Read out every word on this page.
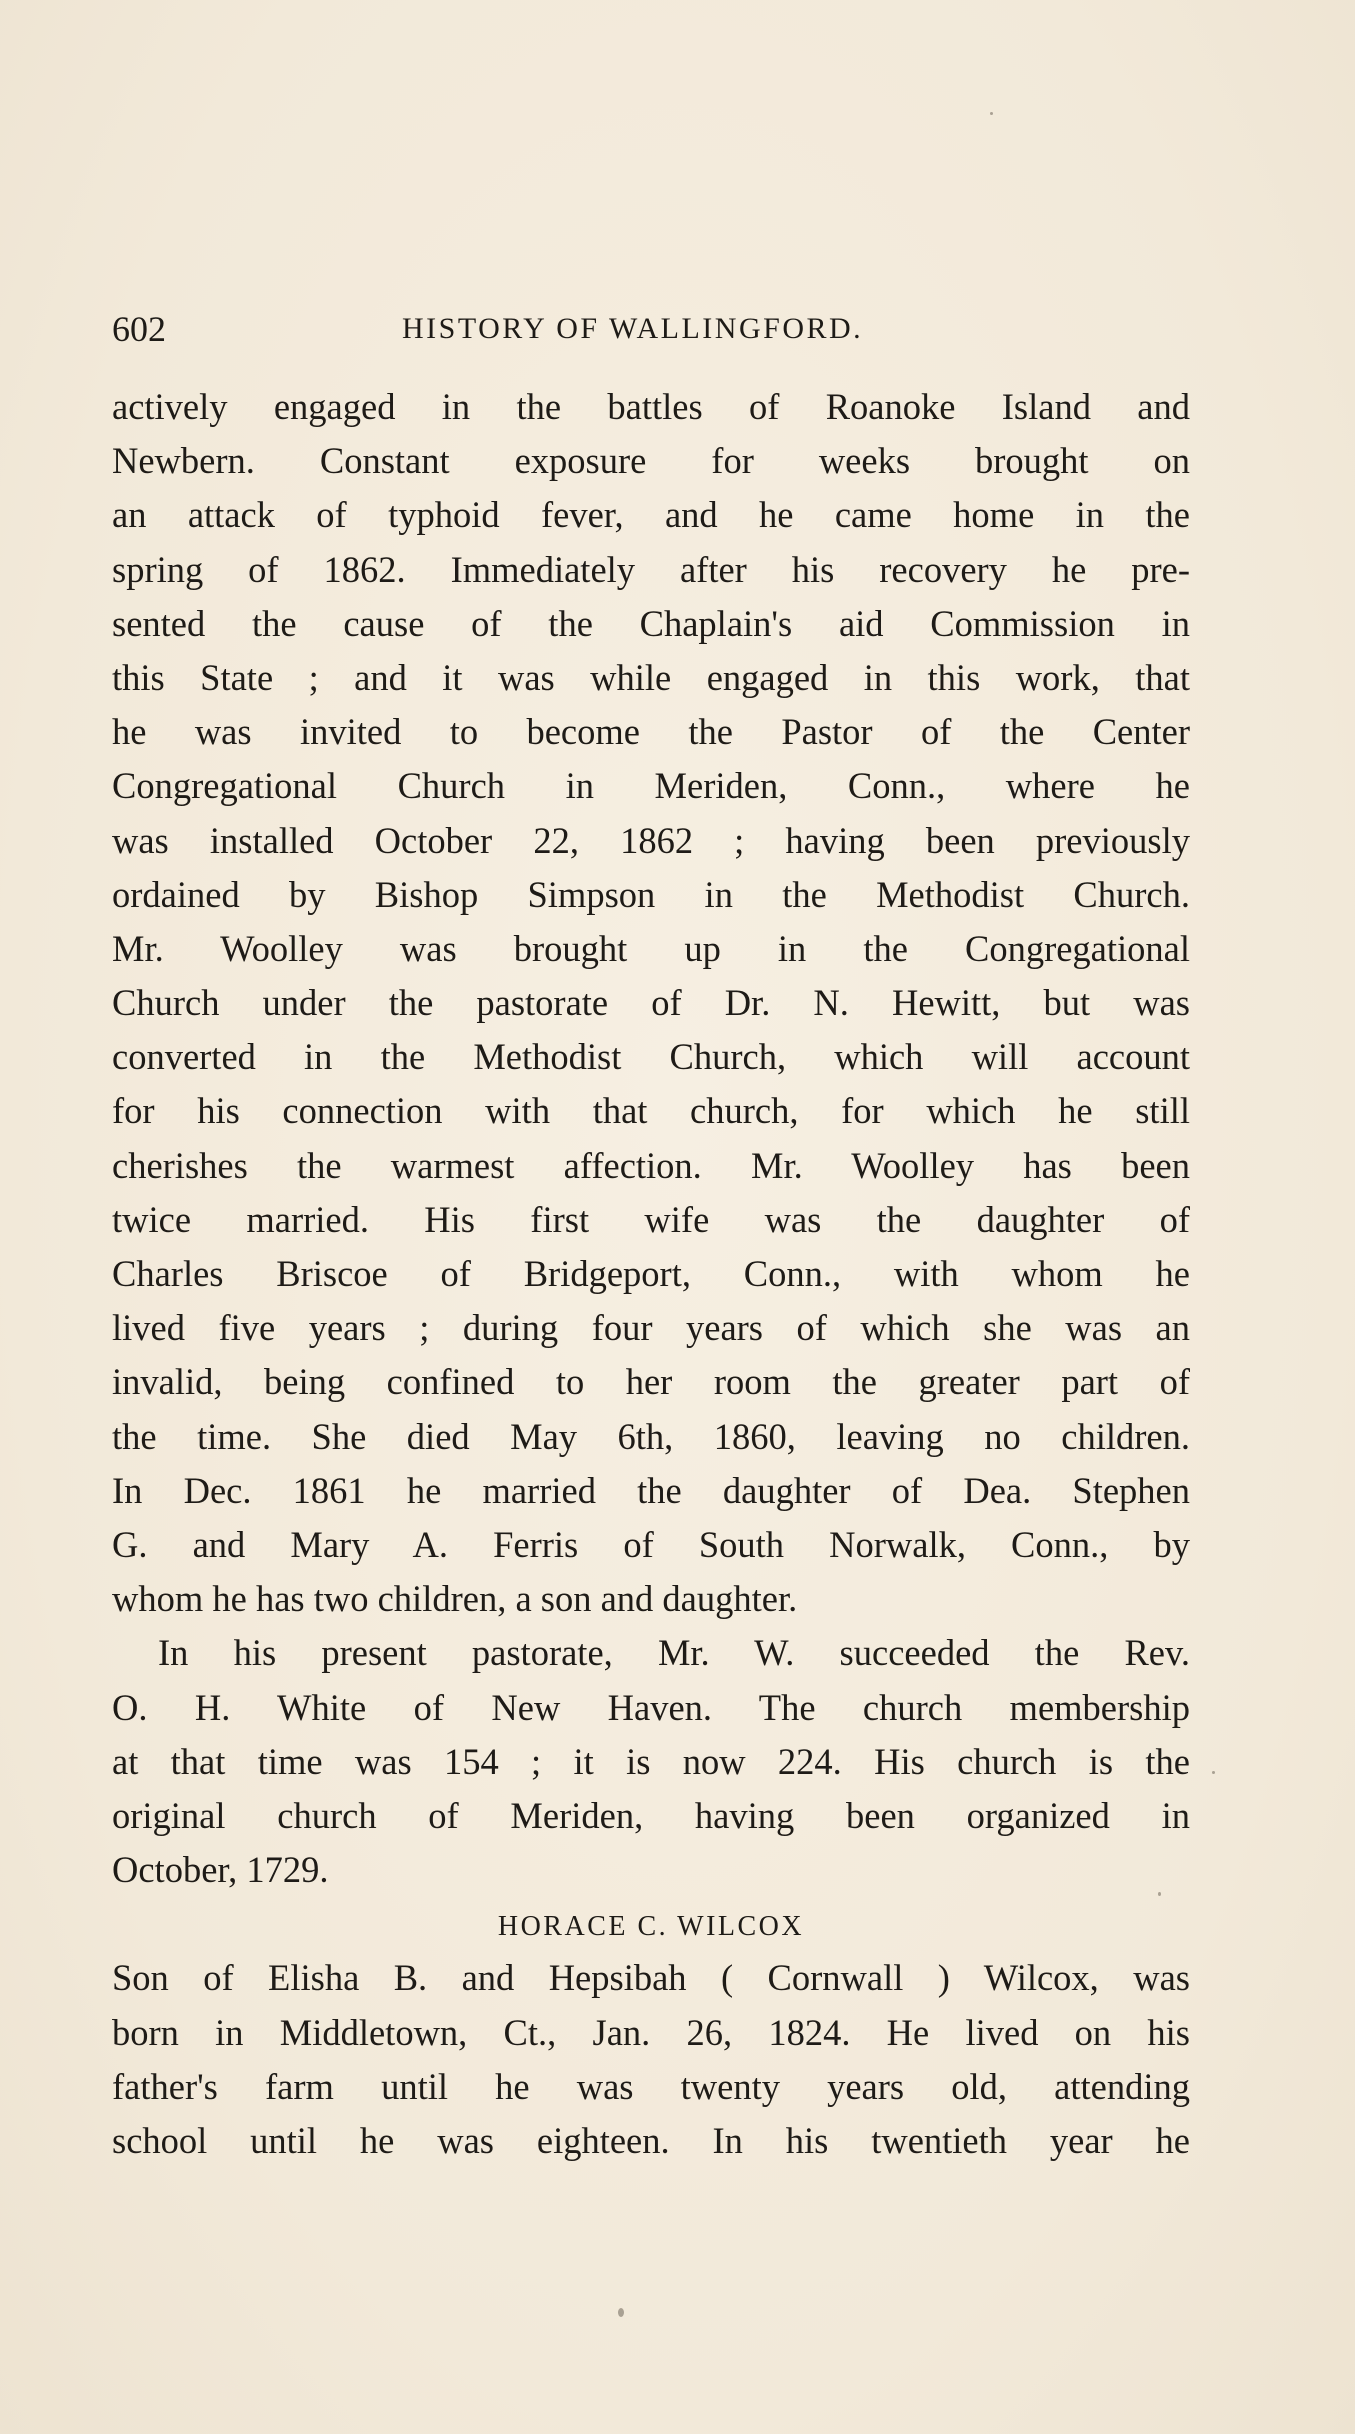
602	HISTORY OF WALLINGFORD.
actively engaged in the battles of Roanoke Island and
Newbern. Constant exposure for weeks brought on
an attack of typhoid fever, and he came home in the
spring of 1862. Immediately after his recovery he pre-
sented the cause of the Chaplain's aid Commission in
this State ; and it was while engaged in this work, that
he was invited to become the Pastor of the Center
Congregational Church in Meriden, Conn., where he
was installed October 22, 1862 ; having been previously
ordained by Bishop Simpson in the Methodist Church.
Mr. Woolley was brought up in the Congregational
Church under the pastorate of Dr. N. Hewitt, but was
converted in the Methodist Church, which will account
for his connection with that church, for which he still
cherishes the warmest affection. Mr. Woolley has been
twice married. His first wife was the daughter of
Charles Briscoe of Bridgeport, Conn., with whom he
lived five years ; during four years of which she was an
invalid, being confined to her room the greater part of
the time. She died May 6th, 1860, leaving no children.
In Dec. 1861 he married the daughter of Dea. Stephen
G. and Mary A. Ferris of South Norwalk, Conn., by
whom he has two children, a son and daughter.
In his present pastorate, Mr. W. succeeded the Rev.
O. H. White of New Haven. The church membership
at that time was 154 ; it is now 224. His church is the
original church of Meriden, having been organized in
October, 1729.
HORACE C. WILCOX
Son of Elisha B. and Hepsibah ( Cornwall ) Wilcox, was
born in Middletown, Ct., Jan. 26, 1824. He lived on his
father's farm until he was twenty years old, attending
school until he was eighteen. In his twentieth year he
